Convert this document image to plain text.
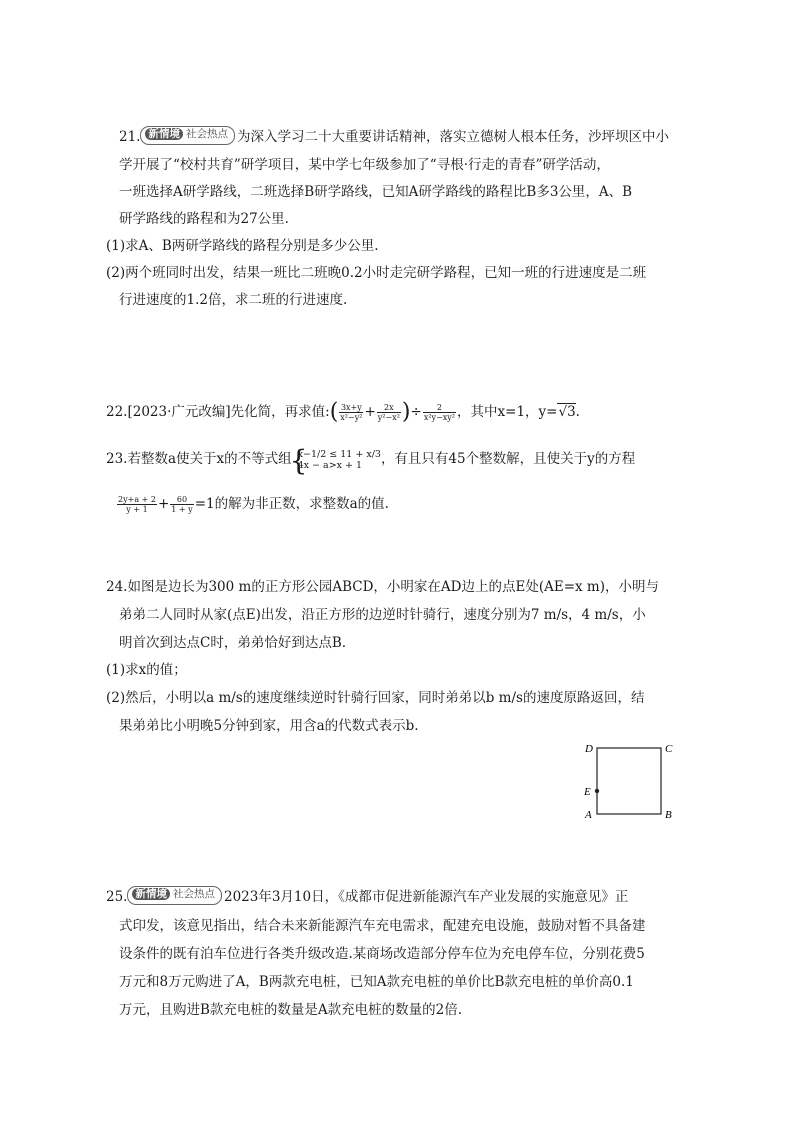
21. 新情境 社会热点 为深入学习二十大重要讲话精神，落实立德树人根本任务，沙坪坝区中小
学开展了“校村共育”研学项目，某中学七年级参加了“寻根·行走的青春”研学活动，
一班选择A研学路线，二班选择B研学路线，已知A研学路线的路程比B多3公里，A、B
研学路线的路程和为27公里.
(1)求A、B两研学路线的路程分别是多少公里.
(2)两个班同时出发，结果一班比二班晚0.2小时走完研学路程，已知一班的行进速度是二班
行进速度的1.2倍，求二班的行进速度.
22.[2023·广元改编]先化简，再求值:( $\frac{3x+y}{\text{x²−y²}} + \frac{2x}{\text{y²−x²}}$ )÷ $\frac{2}{\text{x²y−xy²}}$ ，其中x=1，y=√3.
23.若整数a使关于x的不等式组
{ x−1/2 ≤ 11 + x/3
4x − a>x + 1	，有且只有45个整数解，且使关于y的方程
$\frac{2y+a + 2}{y + 1} + \frac{60}{1 + y} =1$的解为非正数，求整数a的值.
24.如图是边长为300 m的正方形公园ABCD，小明家在AD边上的点E处(AE=x m)，小明与
弟弟二人同时从家(点E)出发，沿正方形的边逆时针骑行，速度分别为7 m/s，4 m/s，小
明首次到达点C时，弟弟恰好到达点B.
(1)求x的值；
(2)然后，小明以a m/s的速度继续逆时针骑行回家，同时弟弟以b m/s的速度原路返回，结
果弟弟比小明晚5分钟到家，用含a的代数式表示b.
D	C
E
A	B
25. 新情境 社会热点 2023年3月10日，《成都市促进新能源汽车产业发展的实施意见》正
式印发，该意见指出，结合未来新能源汽车充电需求，配建充电设施，鼓励对暂不具备建
设条件的既有泊车位进行各类升级改造.某商场改造部分停车位为充电停车位，分别花费5
万元和8万元购进了A，B两款充电桩，已知A款充电桩的单价比B款充电桩的单价高0.1
万元，且购进B款充电桩的数量是A款充电桩的数量的2倍.
